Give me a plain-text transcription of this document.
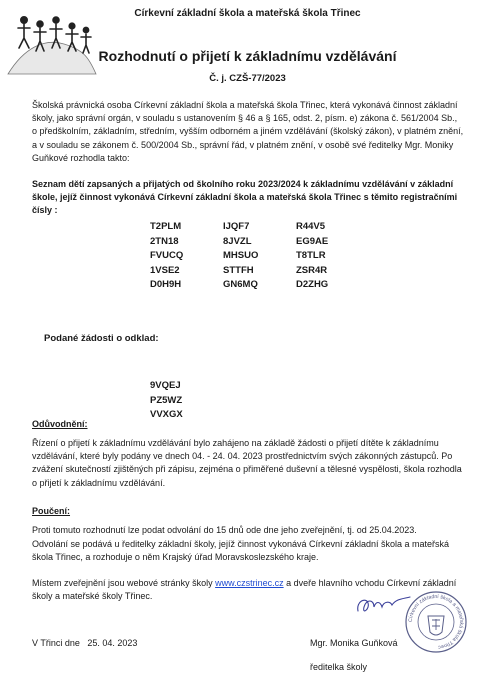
Církevní základní škola a mateřská škola Třinec
Rozhodnutí o přijetí k základnímu vzdělávání
Č. j. CZŠ-77/2023
Školská právnická osoba Církevní základní škola a mateřská škola Třinec, která vykonává činnost základní školy, jako správní orgán, v souladu s ustanovením § 46 a § 165, odst. 2, písm. e) zákona č. 561/2004 Sb., o předškolním, základním, středním, vyšším odborném a jiném vzdělávání (školský zákon), v platném znění, a v souladu se zákonem č. 500/2004 Sb., správní řád, v platném znění, v osobě své ředitelky Mgr. Moniky Guňkové rozhodla takto:
Seznam dětí zapsaných a přijatých od školního roku 2023/2024 k základnímu vzdělávání v základní škole, jejíž činnost vykonává Církevní základní škola a mateřská škola Třinec s těmito registračními čísly :
T2PLM	IJQF7	R44V5
2TN18	8JVZL	EG9AE
FVUCQ	MHSUO	T8TLR
1VSE2	STTFH	ZSR4R
D0H9H	GN6MQ	D2ZHG
Podané žádosti o odklad:
9VQEJ
PZ5WZ
VVXGX
Odůvodnění:
Řízení o přijetí k základnímu vzdělávání bylo zahájeno na základě žádosti o přijetí dítěte k základnímu vzdělávání, které byly podány ve dnech 04. - 24. 04. 2023 prostřednictvím svých zákonných zástupců. Po zvážení skutečností zjištěných při zápisu, zejména o přiměřené duševní a tělesné vyspělosti, škola rozhodla o přijetí k základnímu vzdělávání.
Poučení:
Proti tomuto rozhodnutí lze podat odvolání do 15 dnů ode dne jeho zveřejnění, tj. od 25.04.2023.
Odvolání se podává u ředitelky základní školy, jejíž činnost vykonává Církevní základní škola a mateřská škola Třinec, a rozhoduje o něm Krajský úřad Moravskoslezského kraje.
Místem zveřejnění jsou webové stránky školy www.czstrinec.cz a dveře hlavního vchodu Církevní základní školy a mateřské školy Třinec.
Církevní základní škola a mateřská škola Třinec
V Třinci dne   25. 04. 2023	Mgr. Monika Guňková
ředitelka školy
